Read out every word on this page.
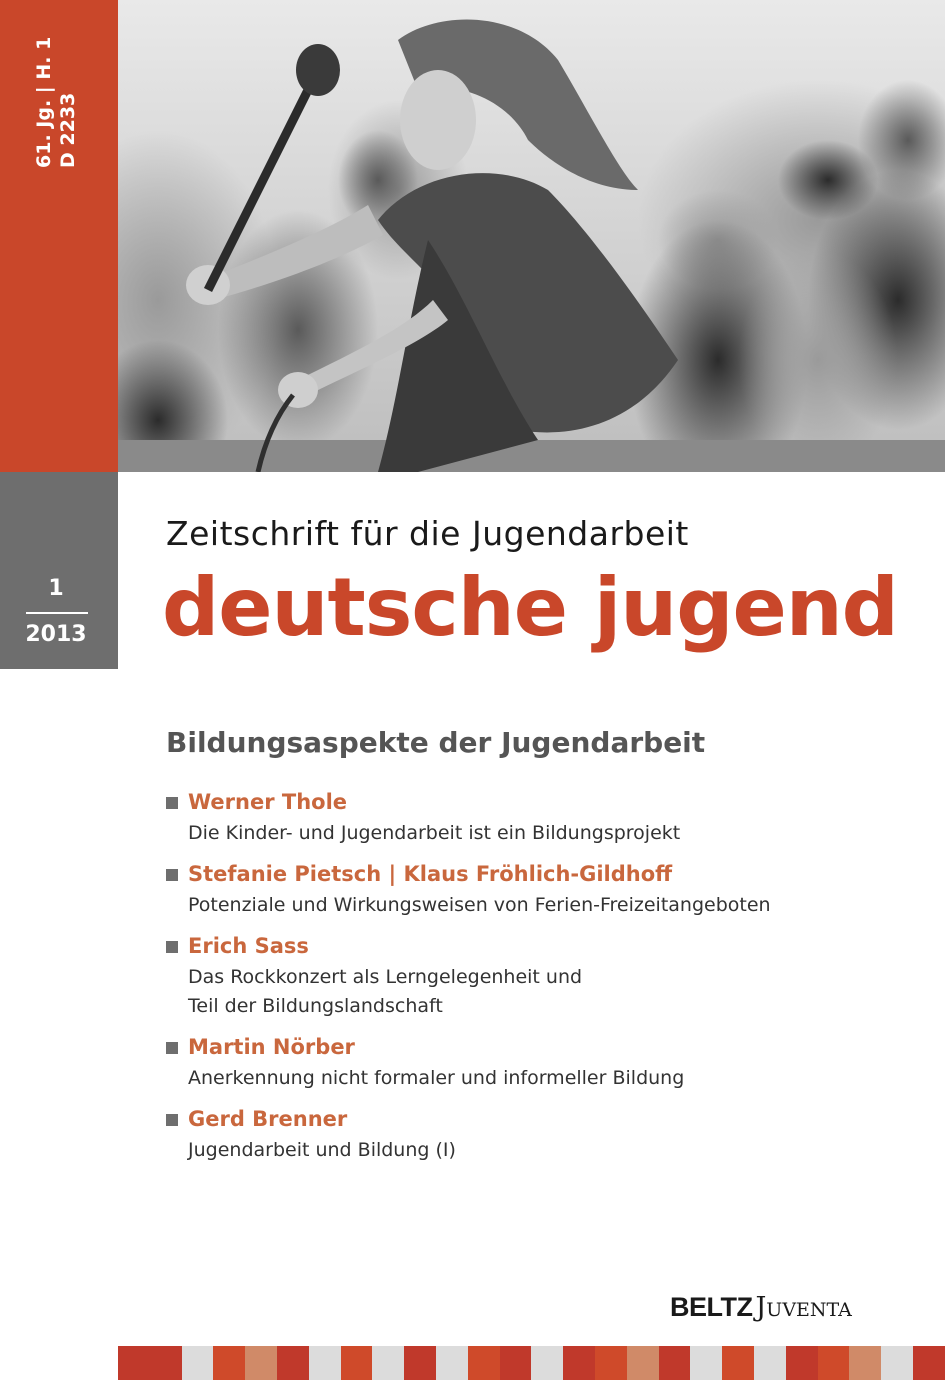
61. Jg. | H. 1 D 2233
1
2013
Zeitschrift für die Jugendarbeit
deutsche jugend
Bildungsaspekte der Jugendarbeit
Werner Thole
Die Kinder- und Jugendarbeit ist ein Bildungsprojekt
Stefanie Pietsch | Klaus Fröhlich-Gildhoff
Potenziale und Wirkungsweisen von Ferien-Freizeitangeboten
Erich Sass
Das Rockkonzert als Lerngelegenheit und
Teil der Bildungslandschaft
Martin Nörber
Anerkennung nicht formaler und informeller Bildung
Gerd Brenner
Jugendarbeit und Bildung (I)
BELTZ Juventa
